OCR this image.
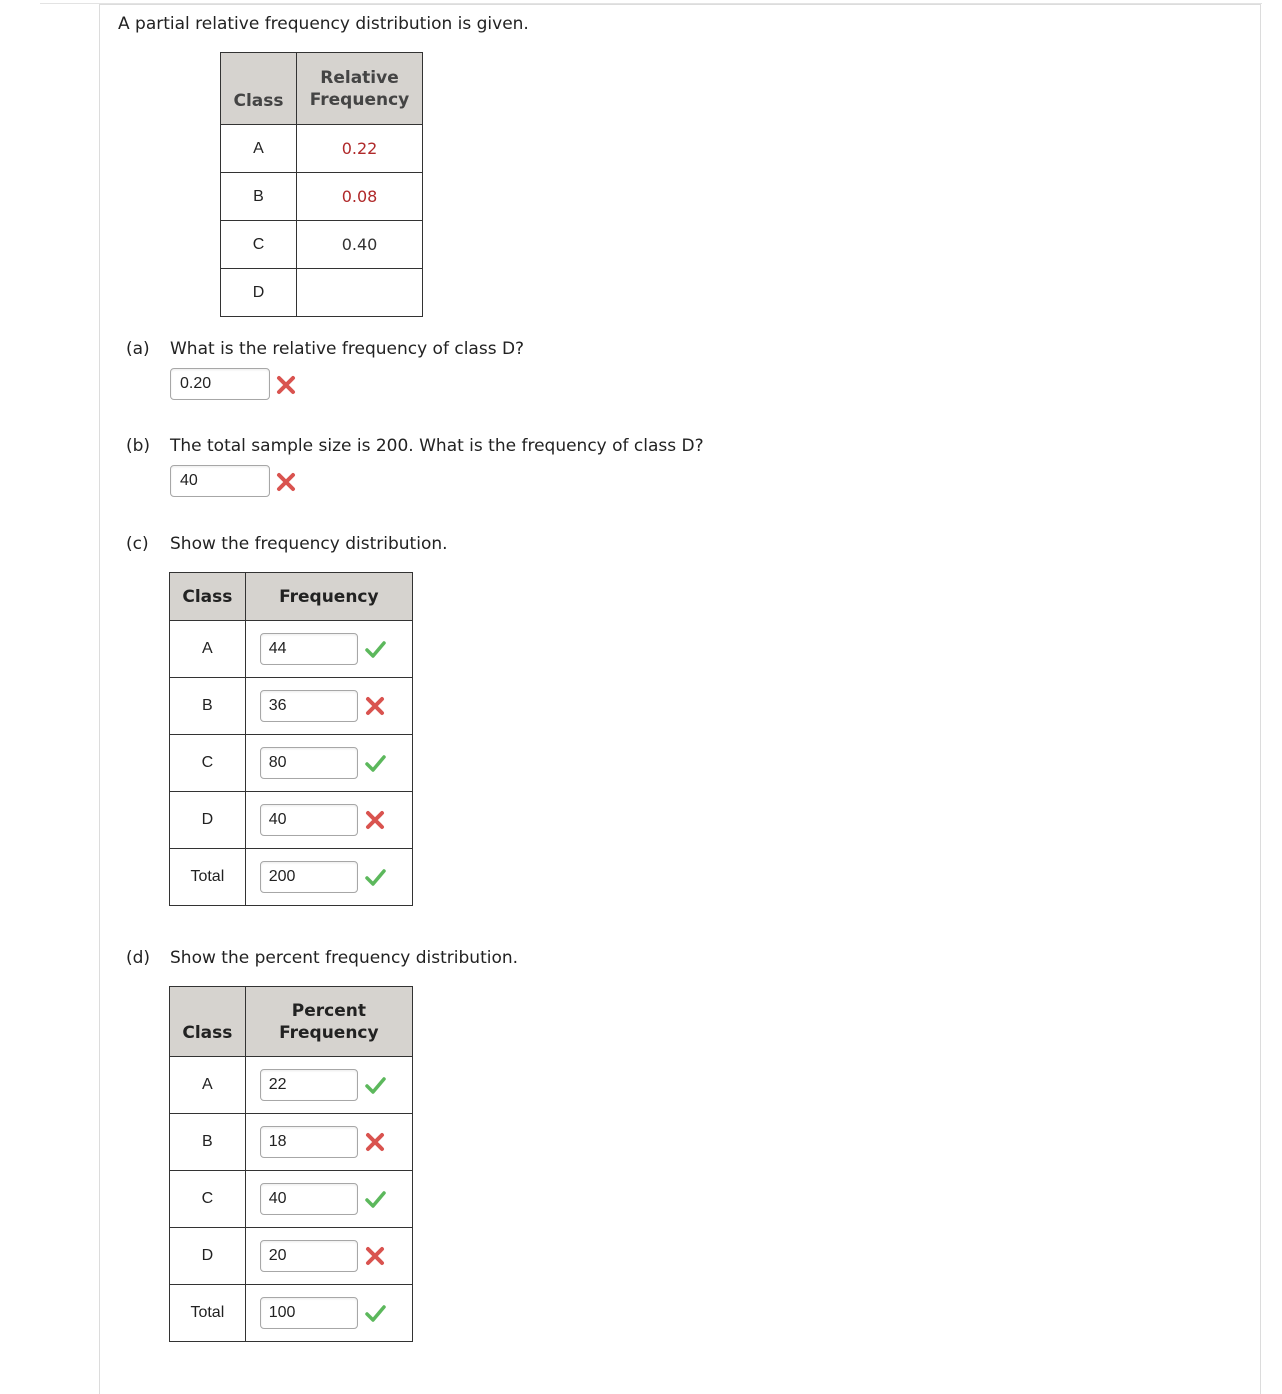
A partial relative frequency distribution is given.
Class	Relative
Frequency
A	0.22
B	0.08
C	0.40
D	
(a) What is the relative frequency of class D?
0.20
(b) The total sample size is 200. What is the frequency of class D?
40
(c) Show the frequency distribution.
Class	Frequency
A	
44

B	
36

C	
80

D	
40

Total	
200
(d) Show the percent frequency distribution.
Class	Percent
Frequency
A	
22

B	
18

C	
40

D	
20

Total	
100
